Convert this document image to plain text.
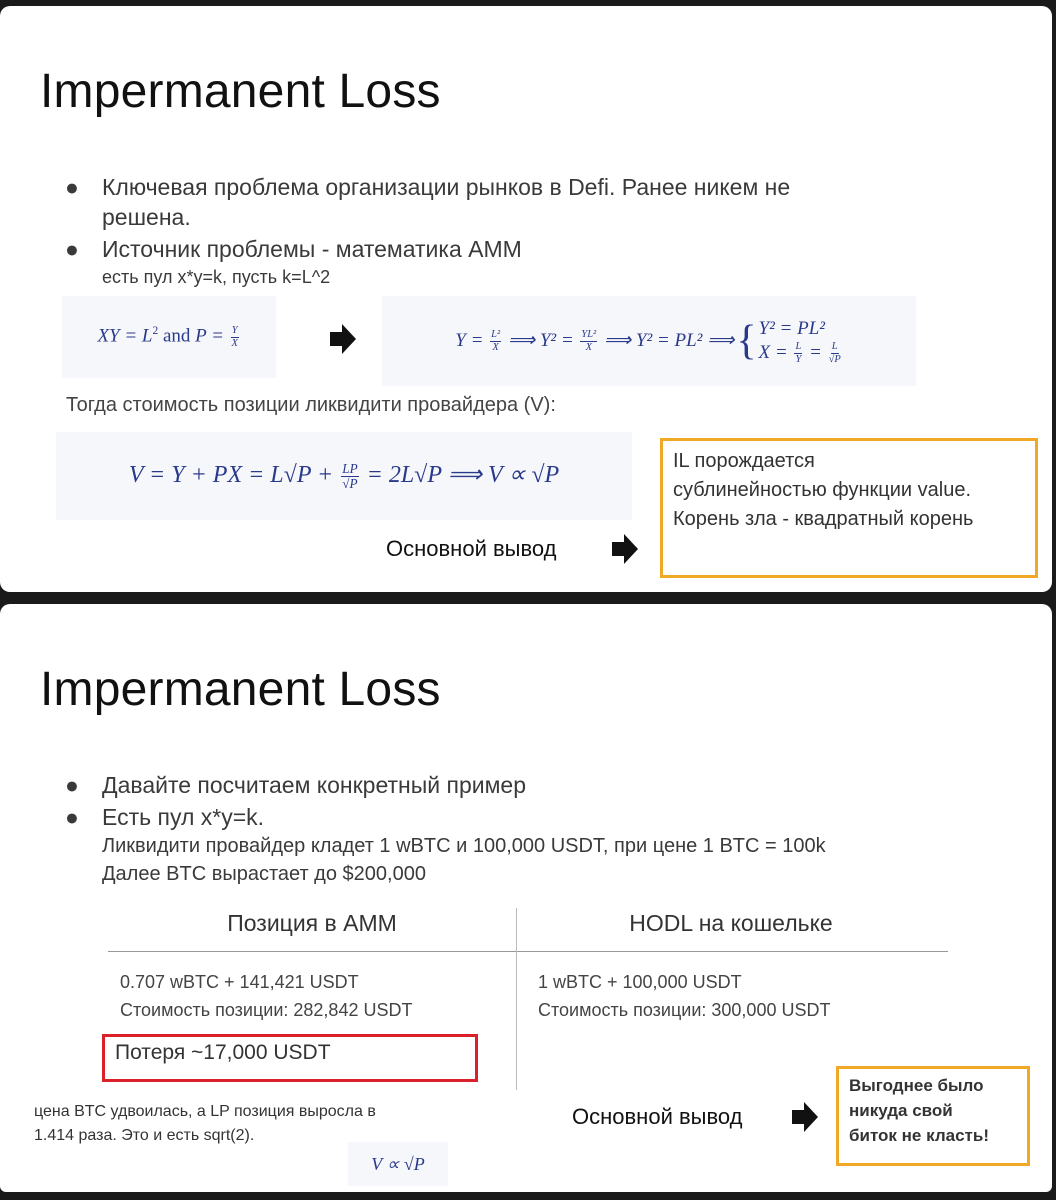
Impermanent Loss
● Ключевая проблема организации рынков в Defi. Ранее никем не
решена.
● Источник проблемы - математика AMM
есть пул x*y=k, пусть k=L^2
XY = $L^2$ and $P = \frac{Y}{X}$	$Y = \frac{\text{L²}}{X}$ ⟹ $Y^2 = \frac{\text{YL²}}{X}$ ⟹ Y² = PL² ⟹ { Y² = PL²
$X = \frac{L}{Y} = \frac{L}{√P}$
Тогда стоимость позиции ликвидити провайдера (V):
V = Y + PX = $L√P + \frac{LP}{√P} = 2L√P$ ⟹ V ∝ √P
Основной вывод
IL порождается
сублинейностью функции value.
Корень зла - квадратный корень
Impermanent Loss
● Давайте посчитаем конкретный пример
● Есть пул x*y=k.
Ликвидити провайдер кладет 1 wBTC и 100,000 USDT, при цене 1 BTC = 100k
Далее BTC вырастает до $200,000
Позиция в AMM	HODL на кошельке
0.707 wBTC + 141,421 USDT
Стоимость позиции: 282,842 USDT
1 wBTC + 100,000 USDT
Стоимость позиции: 300,000 USDT
Потеря ~17,000 USDT
цена BTC удвоилась, а LP позиция выросла в
1.414 раза. Это и есть sqrt(2).
V ∝ √P
Основной вывод
Выгоднее было
никуда свой
биток не класть!
